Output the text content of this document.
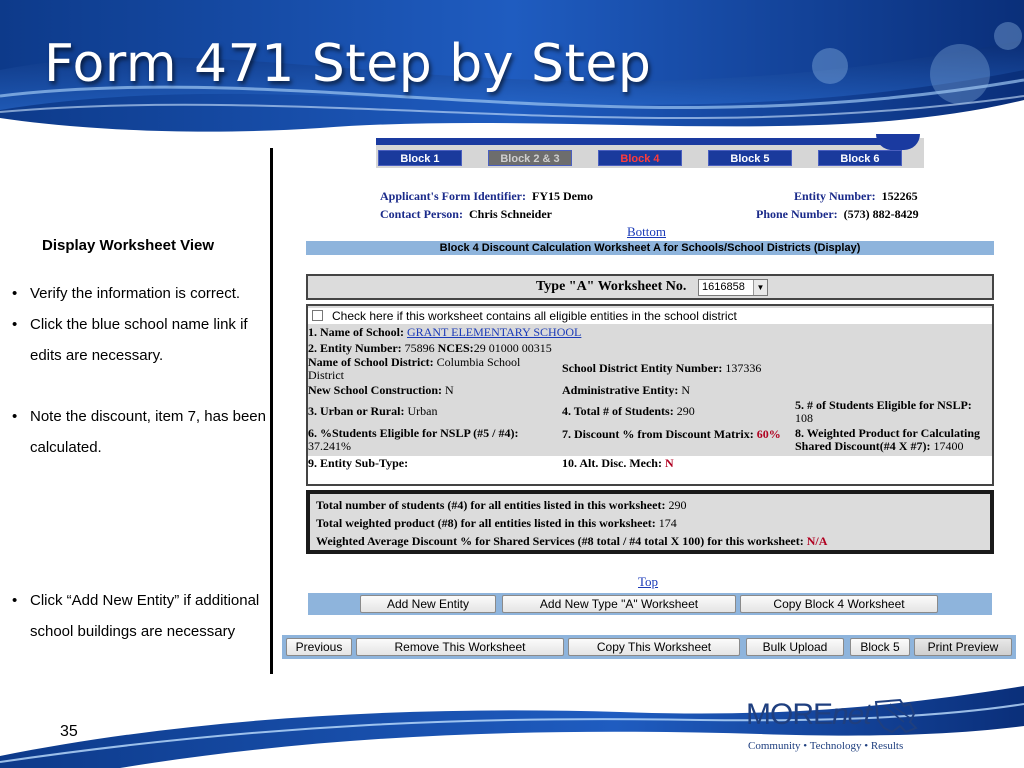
Form 471 Step by Step
Display Worksheet View
• Verify the information is correct.
• Click the blue school name link if edits are necessary.
• Note the discount, item 7, has been calculated.
• Click “Add New Entity” if additional school buildings are necessary
Block 1	Block 2 & 3	Block 4	Block 5	Block 6
Applicant's Form Identifier: FY15 Demo
Contact Person: Chris Schneider
Entity Number: 152265
Phone Number: (573) 882-8429
Bottom
Block 4 Discount Calculation Worksheet A for Schools/School Districts (Display)
Type "A" Worksheet No.	1616858	▼
Check here if this worksheet contains all eligible entities in the school district
1. Name of School: GRANT ELEMENTARY SCHOOL
2. Entity Number: 75896 NCES:29 01000 00315
Name of School District: Columbia School District	School District Entity Number: 137336
New School Construction: N	Administrative Entity: N
3. Urban or Rural: Urban	4. Total # of Students: 290	5. # of Students Eligible for NSLP: 108
6. %Students Eligible for NSLP (#5 / #4):
37.241%
7. Discount % from Discount Matrix: 60% 8. Weighted Product for Calculating Shared Discount(#4 X #7): 17400
9. Entity Sub-Type:	10. Alt. Disc. Mech: N
Total number of students (#4) for all entities listed in this worksheet: 290
Total weighted product (#8) for all entities listed in this worksheet: 174
Weighted Average Discount % for Shared Services (#8 total / #4 total X 100) for this worksheet: N/A
Top
Add New Entity	Add New Type "A" Worksheet	Copy Block 4 Worksheet
Previous	Remove This Worksheet	Copy This Worksheet	Bulk Upload	Block 5	Print Preview
35
MOREnet
Community • Technology • Results
